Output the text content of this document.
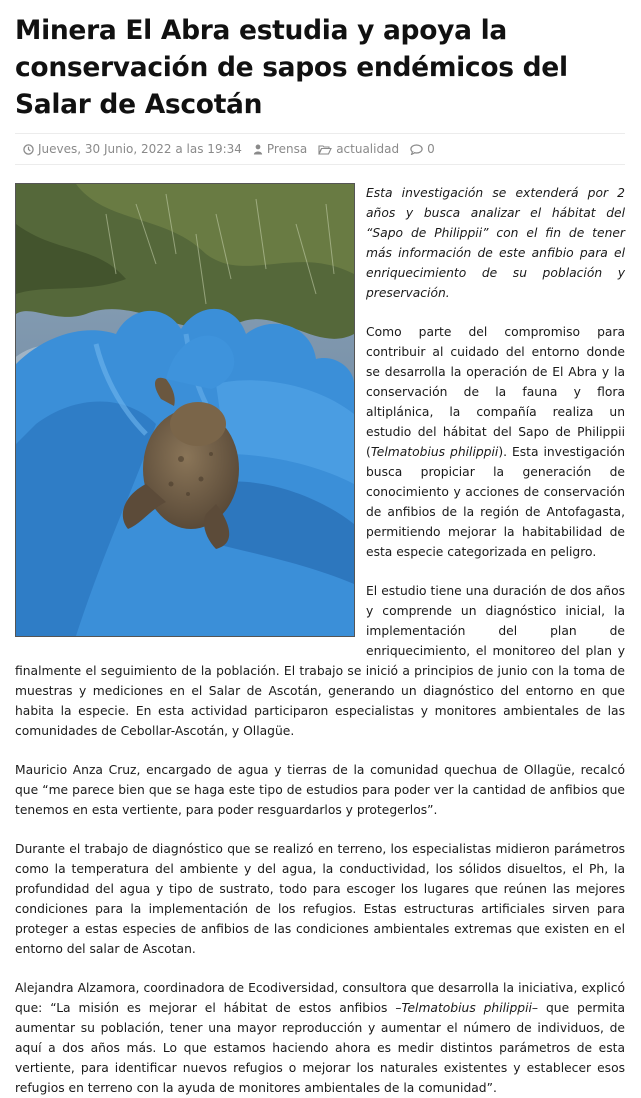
Minera El Abra estudia y apoya la conservación de sapos endémicos del Salar de Ascotán
Jueves, 30 Junio, 2022 a las 19:34 Prensa actualidad 0

Esta investigación se extenderá por 2 años y busca analizar el hábitat del “Sapo de Philippii” con el fin de tener más información de este anfibio para el enriquecimiento de su población y preservación.

Como parte del compromiso para contribuir al cuidado del entorno donde se desarrolla la operación de El Abra y la conservación de la fauna y flora altiplánica, la compañía realiza un estudio del hábitat del Sapo de Philippii (Telmatobius philippii). Esta investigación busca propiciar la generación de conocimiento y acciones de conservación de anfibios de la región de Antofagasta, permitiendo mejorar la habitabilidad de esta especie categorizada en peligro.

El estudio tiene una duración de dos años y comprende un diagnóstico inicial, la implementación del plan de enriquecimiento, el monitoreo del plan y finalmente el seguimiento de la población. El trabajo se inició a principios de junio con la toma de muestras y mediciones en el Salar de Ascotán, generando un diagnóstico del entorno en que habita la especie. En esta actividad participaron especialistas y monitores ambientales de las comunidades de Cebollar-Ascotán, y Ollagüe.

Mauricio Anza Cruz, encargado de agua y tierras de la comunidad quechua de Ollagüe, recalcó que “me parece bien que se haga este tipo de estudios para poder ver la cantidad de anfibios que tenemos en esta vertiente, para poder resguardarlos y protegerlos”.

Durante el trabajo de diagnóstico que se realizó en terreno, los especialistas midieron parámetros como la temperatura del ambiente y del agua, la conductividad, los sólidos disueltos, el Ph, la profundidad del agua y tipo de sustrato, todo para escoger los lugares que reúnen las mejores condiciones para la implementación de los refugios. Estas estructuras artificiales sirven para proteger a estas especies de anfibios de las condiciones ambientales extremas que existen en el entorno del salar de Ascotan.

Alejandra Alzamora, coordinadora de Ecodiversidad, consultora que desarrolla la iniciativa, explicó que: “La misión es mejorar el hábitat de estos anfibios –Telmatobius philippii– que permita aumentar su población, tener una mayor reproducción y aumentar el número de individuos, de aquí a dos años más. Lo que estamos haciendo ahora es medir distintos parámetros de esta vertiente, para identificar nuevos refugios o mejorar los naturales existentes y establecer esos refugios en terreno con la ayuda de monitores ambientales de la comunidad”.
